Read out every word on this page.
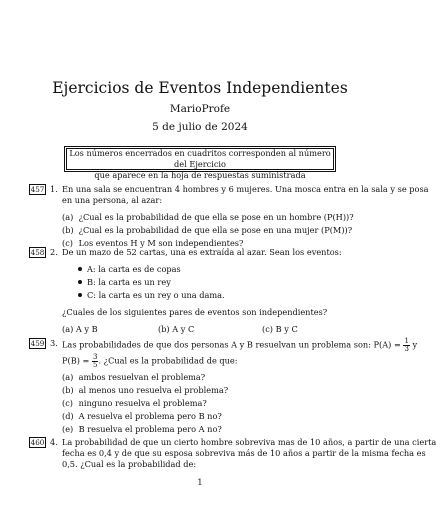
Ejercicios de Eventos Independientes
MarioProfe
5 de julio de 2024
Los números encerrados en cuadritos corresponden al número del Ejercicio
que aparece en la hoja de respuestas suministrada
457 1. En una sala se encuentran 4 hombres y 6 mujeres. Una mosca entra en la sala y se posa
en una persona, al azar:
(a) ¿Cual es la probabilidad de que ella se pose en un hombre (P(H))?
(b) ¿Cual es la probabilidad de que ella se pose en una mujer (P(M))?
(c) Los eventos H y M son independientes?
458 2. De un mazo de 52 cartas, una es extraída al azar. Sean los eventos:
A: la carta es de copas
B: la carta es un rey
C: la carta es un rey o una dama.
¿Cuales de los siguientes pares de eventos son independientes?
(a) A y B	(b) A y C	(c) B y C
459 3. Las probabilidades de que dos personas A y B resuelvan un problema son: $P(A) = \frac{1}{3}$ y
$P(B) = \frac{3}{5}$ . ¿Cual es la probabilidad de que:
(a) ambos resuelvan el problema?
(b) al menos uno resuelva el problema?
(c) ninguno resuelva el problema?
(d) A resuelva el problema pero B no?
(e) B resuelva el problema pero A no?
460 4. La probabilidad de que un cierto hombre sobreviva mas de 10 años, a partir de una cierta
fecha es 0,4 y de que su esposa sobreviva más de 10 años a partir de la misma fecha es
0,5. ¿Cual es la probabilidad de:
1
